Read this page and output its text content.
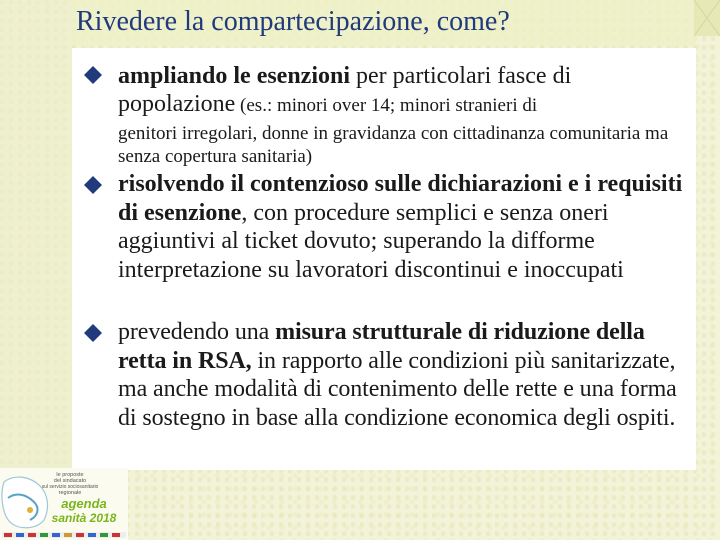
Rivedere la compartecipazione, come?
ampliando le esenzioni per particolari fasce di popolazione (es.: minori over 14; minori stranieri di
genitori irregolari, donne in gravidanza con cittadinanza comunitaria ma senza copertura sanitaria)
risolvendo il contenzioso sulle dichiarazioni e i requisiti di esenzione, con procedure semplici e senza oneri aggiuntivi al ticket dovuto; superando la difforme interpretazione su lavoratori discontinui e inoccupati
prevedendo una misura strutturale di riduzione della retta in RSA, in rapporto alle condizioni più sanitarizzate, ma anche modalità di contenimento delle rette e una forma di sostegno in base alla condizione economica degli ospiti.
le proposte
del sindacato
sul servizio sociosanitario
regionale
agenda
sanità 2018
